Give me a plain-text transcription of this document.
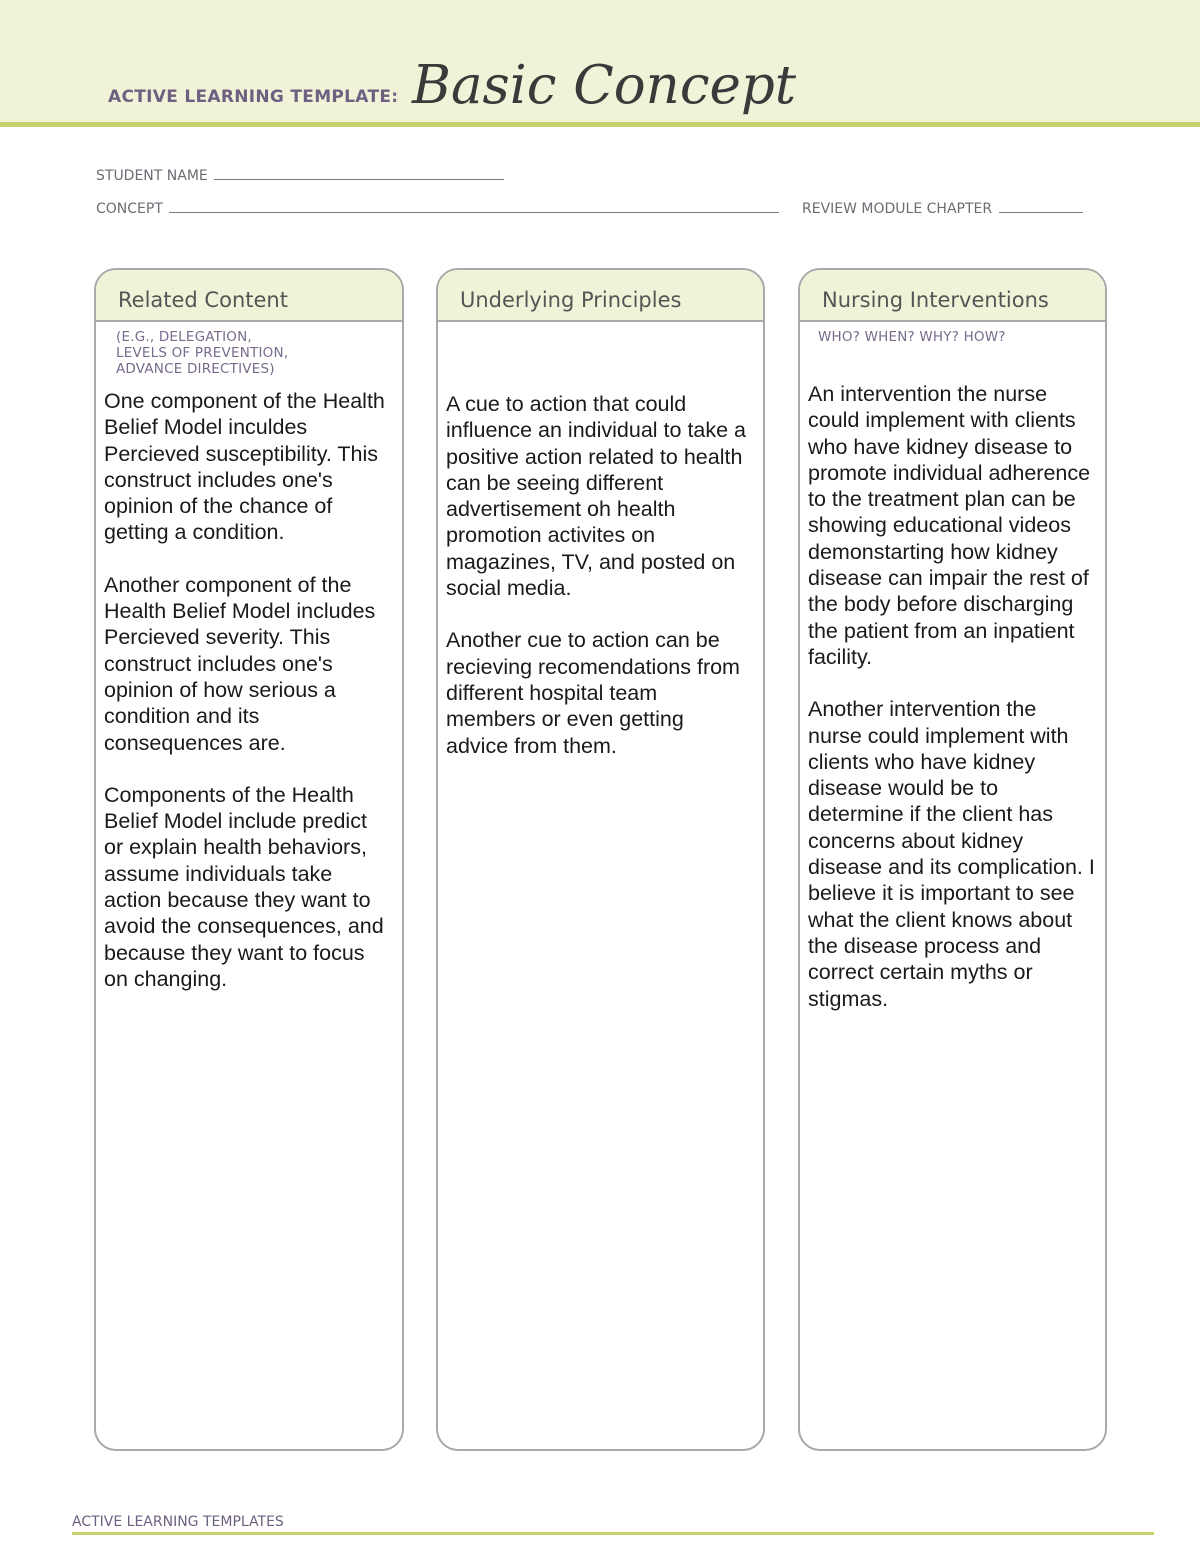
ACTIVE LEARNING TEMPLATE: Basic Concept
STUDENT NAME
CONCEPT	REVIEW MODULE CHAPTER
Related Content
(E.G., DELEGATION,
LEVELS OF PREVENTION,
ADVANCE DIRECTIVES)

One component of the Health Belief Model inculdes Percieved susceptibility. This construct includes one's opinion of the chance of getting a condition.

Another component of the Health Belief Model includes Percieved severity. This construct includes one's opinion of how serious a condition and its consequences are.

Components of the Health Belief Model include predict or explain health behaviors, assume individuals take action because they want to avoid the consequences, and because they want to focus on changing.

Underlying Principles

A cue to action that could influence an individual to take a positive action related to health can be seeing different advertisement oh health promotion activites on magazines, TV, and posted on social media.

Another cue to action can be recieving recomendations from different hospital team members or even getting advice from them.

Nursing Interventions
WHO? WHEN? WHY? HOW?

An intervention the nurse could implement with clients who have kidney disease to promote individual adherence to the treatment plan can be showing educational videos demonstarting how kidney disease can impair the rest of the body before discharging the patient from an inpatient facility.

Another intervention the nurse could implement with clients who have kidney disease would be to determine if the client has concerns about kidney disease and its complication. I believe it is important to see what the client knows about the disease process and correct certain myths or stigmas.

ACTIVE LEARNING TEMPLATES
